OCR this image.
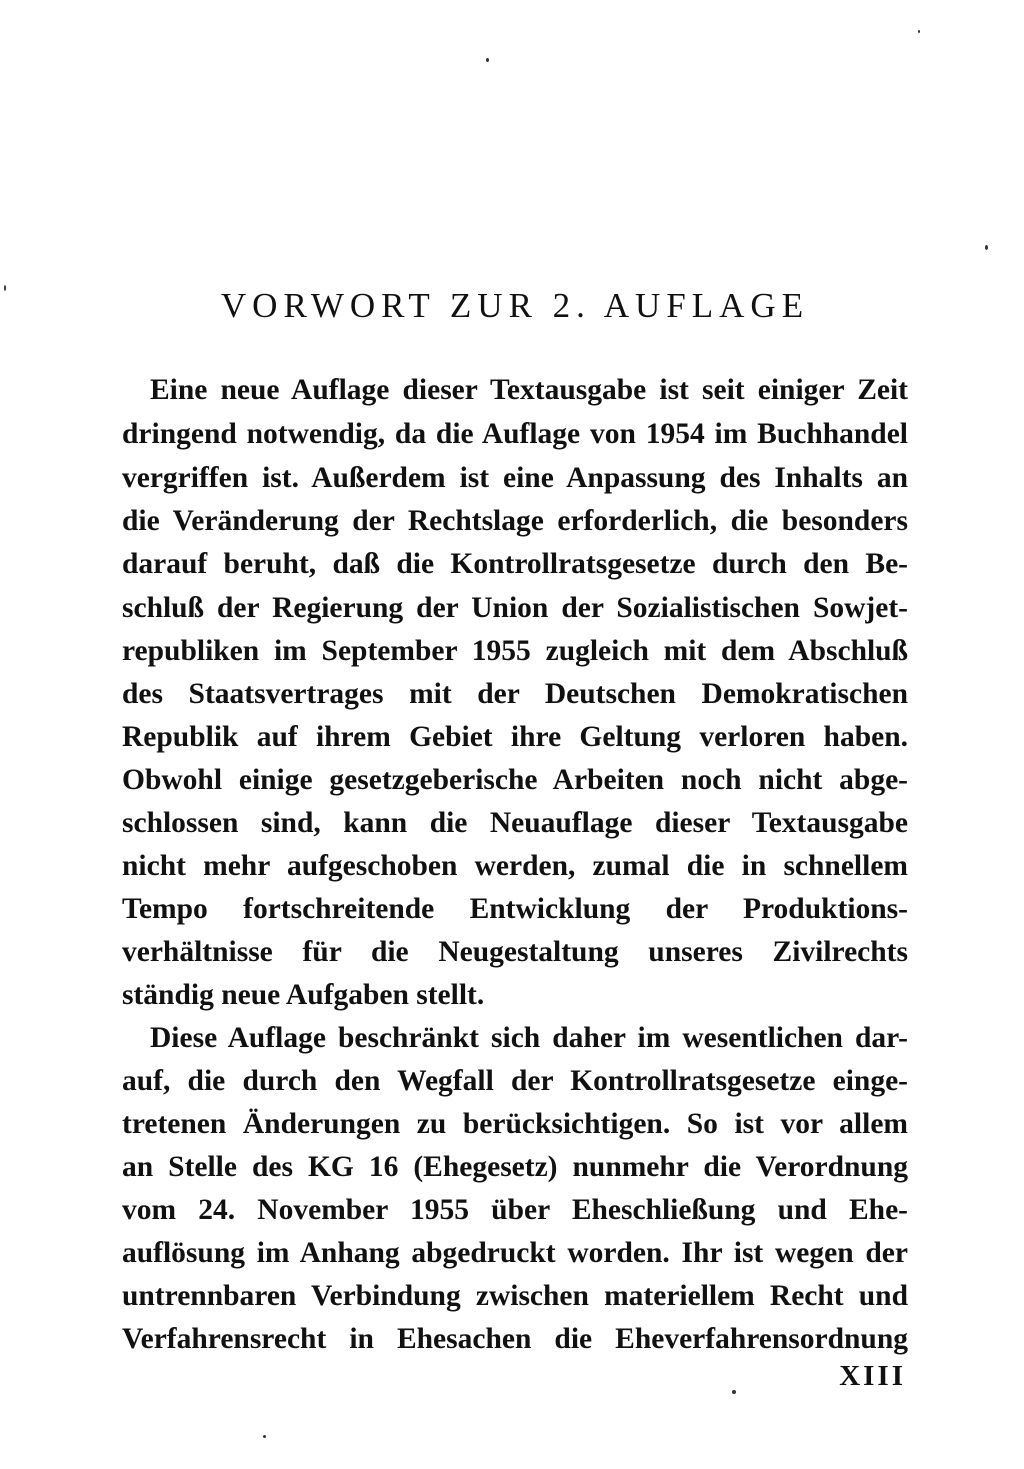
VORWORT ZUR 2. AUFLAGE
Eine neue Auflage dieser Textausgabe ist seit einiger Zeit
dringend notwendig, da die Auflage von 1954 im Buchhandel
vergriffen ist. Außerdem ist eine Anpassung des Inhalts an
die Veränderung der Rechtslage erforderlich, die besonders
darauf beruht, daß die Kontrollratsgesetze durch den Be-
schluß der Regierung der Union der Sozialistischen Sowjet-
republiken im September 1955 zugleich mit dem Abschluß
des Staatsvertrages mit der Deutschen Demokratischen
Republik auf ihrem Gebiet ihre Geltung verloren haben.
Obwohl einige gesetzgeberische Arbeiten noch nicht abge-
schlossen sind, kann die Neuauflage dieser Textausgabe
nicht mehr aufgeschoben werden, zumal die in schnellem
Tempo fortschreitende Entwicklung der Produktions-
verhältnisse für die Neugestaltung unseres Zivilrechts
ständig neue Aufgaben stellt.
Diese Auflage beschränkt sich daher im wesentlichen dar-
auf, die durch den Wegfall der Kontrollratsgesetze einge-
tretenen Änderungen zu berücksichtigen. So ist vor allem
an Stelle des KG 16 (Ehegesetz) nunmehr die Verordnung
vom 24. November 1955 über Eheschließung und Ehe-
auflösung im Anhang abgedruckt worden. Ihr ist wegen der
untrennbaren Verbindung zwischen materiellem Recht und
Verfahrensrecht in Ehesachen die Eheverfahrensordnung
XIII
